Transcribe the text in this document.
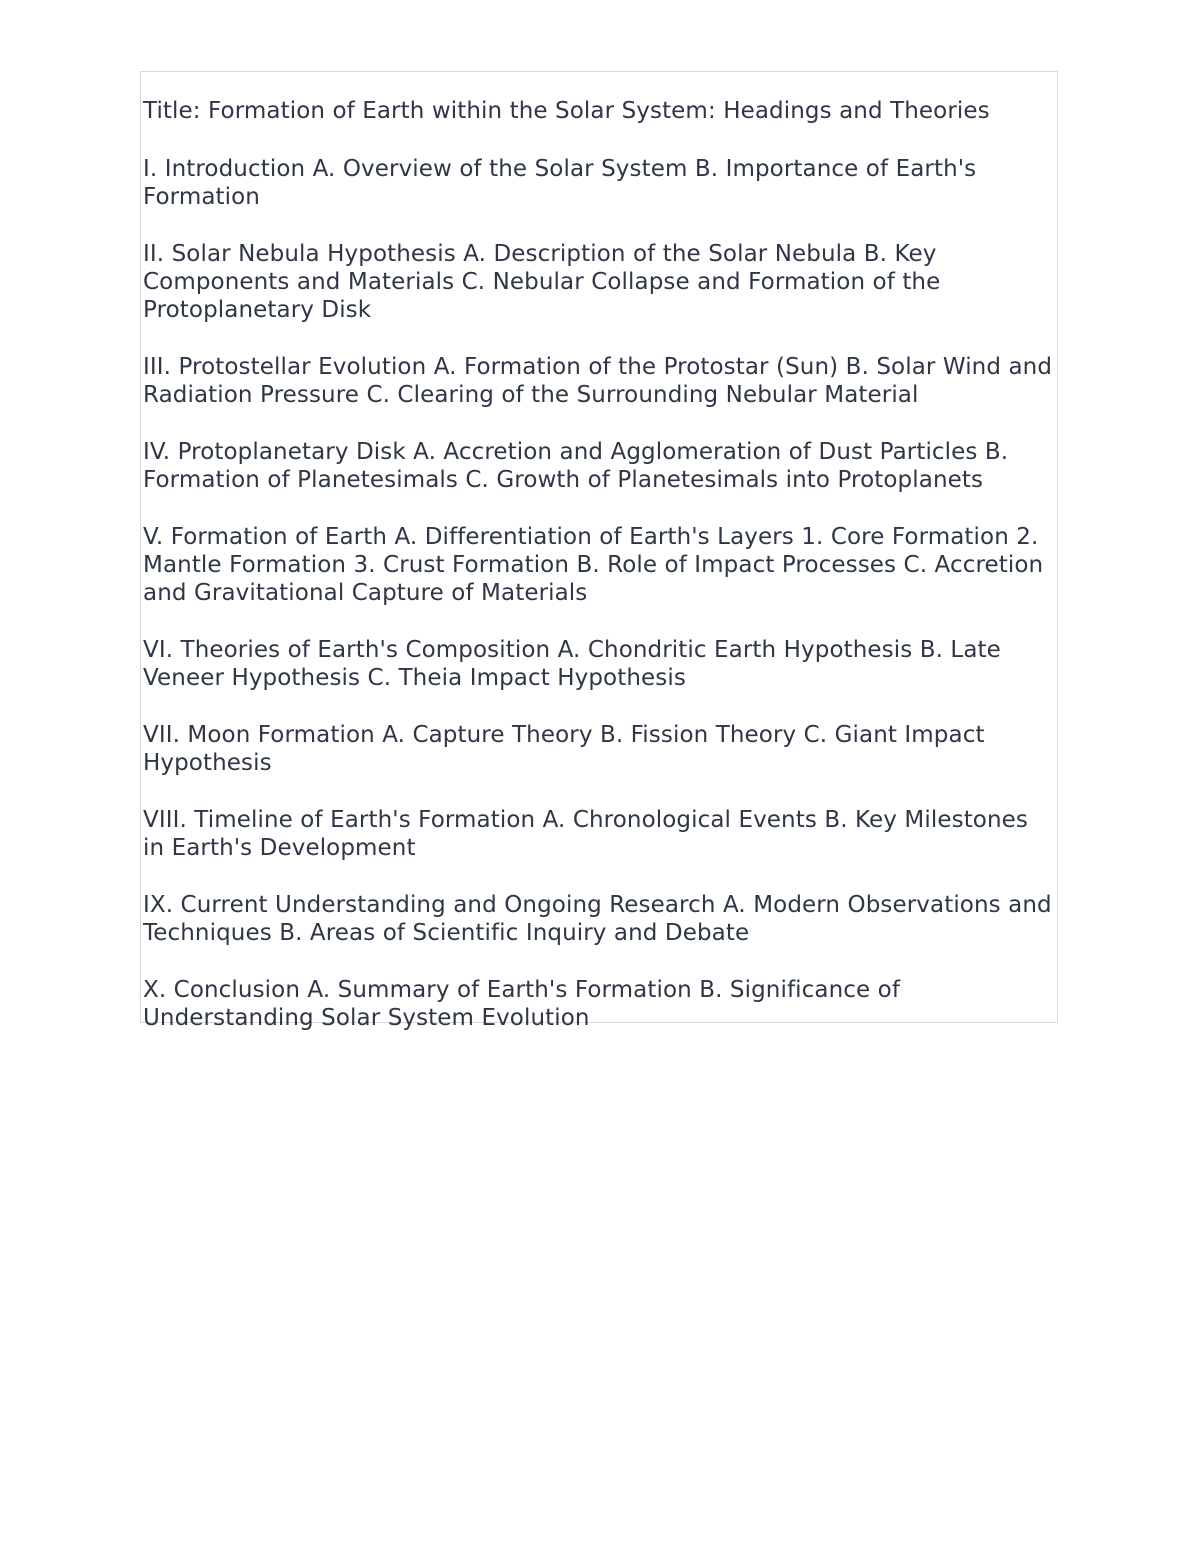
Title: Formation of Earth within the Solar System: Headings and Theories

I. Introduction A. Overview of the Solar System B. Importance of Earth's Formation

II. Solar Nebula Hypothesis A. Description of the Solar Nebula B. Key Components and Materials C. Nebular Collapse and Formation of the Protoplanetary Disk

III. Protostellar Evolution A. Formation of the Protostar (Sun) B. Solar Wind and Radiation Pressure C. Clearing of the Surrounding Nebular Material

IV. Protoplanetary Disk A. Accretion and Agglomeration of Dust Particles B. Formation of Planetesimals C. Growth of Planetesimals into Protoplanets

V. Formation of Earth A. Differentiation of Earth's Layers 1. Core Formation 2. Mantle Formation 3. Crust Formation B. Role of Impact Processes C. Accretion and Gravitational Capture of Materials

VI. Theories of Earth's Composition A. Chondritic Earth Hypothesis B. Late Veneer Hypothesis C. Theia Impact Hypothesis

VII. Moon Formation A. Capture Theory B. Fission Theory C. Giant Impact Hypothesis

VIII. Timeline of Earth's Formation A. Chronological Events B. Key Milestones in Earth's Development

IX. Current Understanding and Ongoing Research A. Modern Observations and Techniques B. Areas of Scientific Inquiry and Debate

X. Conclusion A. Summary of Earth's Formation B. Significance of Understanding Solar System Evolution
